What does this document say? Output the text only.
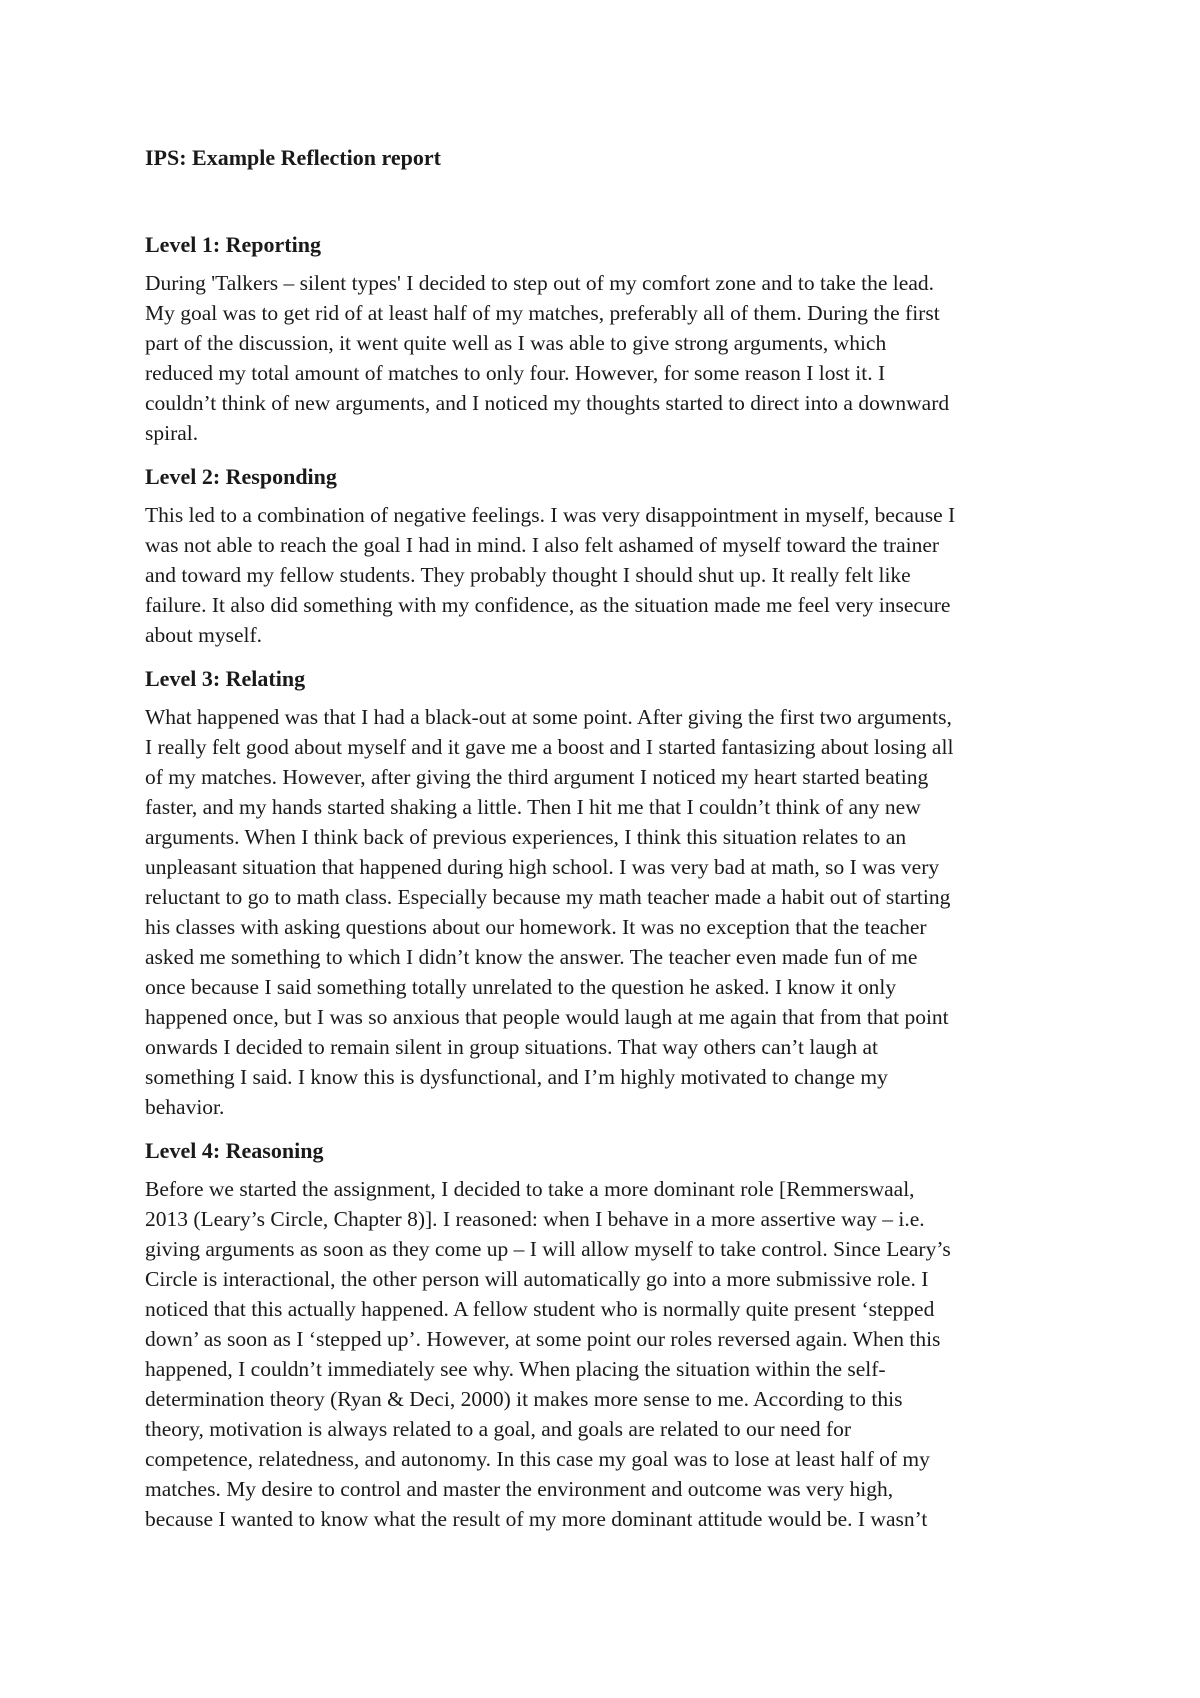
IPS: Example Reflection report
Level 1: Reporting
During 'Talkers – silent types' I decided to step out of my comfort zone and to take the lead.
My goal was to get rid of at least half of my matches, preferably all of them. During the first
part of the discussion, it went quite well as I was able to give strong arguments, which
reduced my total amount of matches to only four. However, for some reason I lost it. I
couldn’t think of new arguments, and I noticed my thoughts started to direct into a downward
spiral.
Level 2: Responding
This led to a combination of negative feelings. I was very disappointment in myself, because I
was not able to reach the goal I had in mind. I also felt ashamed of myself toward the trainer
and toward my fellow students. They probably thought I should shut up. It really felt like
failure. It also did something with my confidence, as the situation made me feel very insecure
about myself.
Level 3: Relating
What happened was that I had a black-out at some point. After giving the first two arguments,
I really felt good about myself and it gave me a boost and I started fantasizing about losing all
of my matches. However, after giving the third argument I noticed my heart started beating
faster, and my hands started shaking a little. Then I hit me that I couldn’t think of any new
arguments. When I think back of previous experiences, I think this situation relates to an
unpleasant situation that happened during high school. I was very bad at math, so I was very
reluctant to go to math class. Especially because my math teacher made a habit out of starting
his classes with asking questions about our homework. It was no exception that the teacher
asked me something to which I didn’t know the answer. The teacher even made fun of me
once because I said something totally unrelated to the question he asked. I know it only
happened once, but I was so anxious that people would laugh at me again that from that point
onwards I decided to remain silent in group situations. That way others can’t laugh at
something I said. I know this is dysfunctional, and I’m highly motivated to change my
behavior.
Level 4: Reasoning
Before we started the assignment, I decided to take a more dominant role [Remmerswaal,
2013 (Leary’s Circle, Chapter 8)]. I reasoned: when I behave in a more assertive way – i.e.
giving arguments as soon as they come up – I will allow myself to take control. Since Leary’s
Circle is interactional, the other person will automatically go into a more submissive role. I
noticed that this actually happened. A fellow student who is normally quite present ‘stepped
down’ as soon as I ‘stepped up’. However, at some point our roles reversed again. When this
happened, I couldn’t immediately see why. When placing the situation within the self-
determination theory (Ryan & Deci, 2000) it makes more sense to me. According to this
theory, motivation is always related to a goal, and goals are related to our need for
competence, relatedness, and autonomy. In this case my goal was to lose at least half of my
matches. My desire to control and master the environment and outcome was very high,
because I wanted to know what the result of my more dominant attitude would be. I wasn’t
